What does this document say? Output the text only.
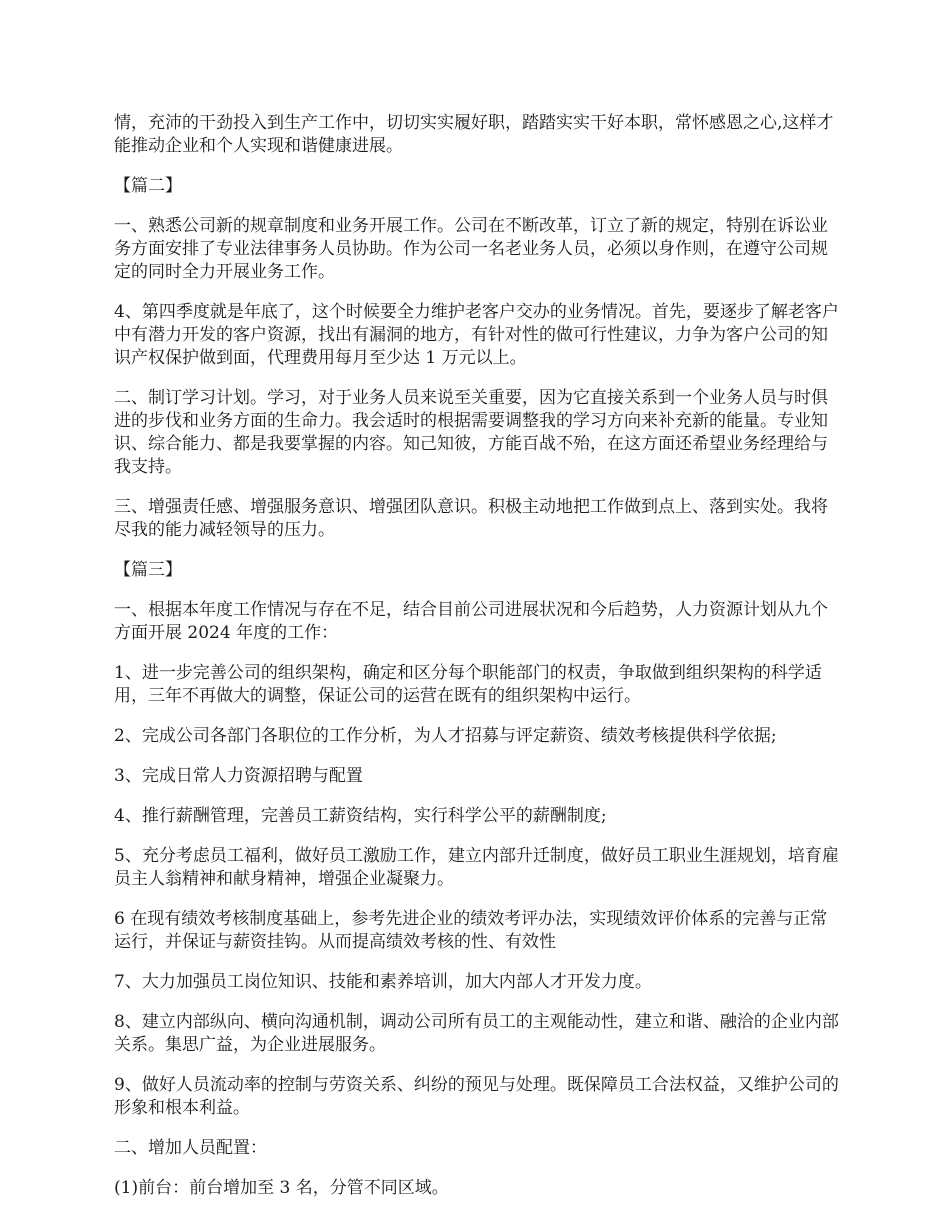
情，充沛的干劲投入到生产工作中，切切实实履好职，踏踏实实干好本职，常怀感恩之心,这样才能推动企业和个人实现和谐健康进展。

【篇二】

一、熟悉公司新的规章制度和业务开展工作。公司在不断改革，订立了新的规定，特别在诉讼业务方面安排了专业法律事务人员协助。作为公司一名老业务人员，必须以身作则，在遵守公司规定的同时全力开展业务工作。

4、第四季度就是年底了，这个时候要全力维护老客户交办的业务情况。首先，要逐步了解老客户中有潜力开发的客户资源，找出有漏洞的地方，有针对性的做可行性建议，力争为客户公司的知识产权保护做到面，代理费用每月至少达 1 万元以上。

二、制订学习计划。学习，对于业务人员来说至关重要，因为它直接关系到一个业务人员与时俱进的步伐和业务方面的生命力。我会适时的根据需要调整我的学习方向来补充新的能量。专业知识、综合能力、都是我要掌握的内容。知己知彼，方能百战不殆，在这方面还希望业务经理给与我支持。

三、增强责任感、增强服务意识、增强团队意识。积极主动地把工作做到点上、落到实处。我将尽我的能力减轻领导的压力。

【篇三】

一、根据本年度工作情况与存在不足，结合目前公司进展状况和今后趋势，人力资源计划从九个方面开展 2024 年度的工作：

1、进一步完善公司的组织架构，确定和区分每个职能部门的权责，争取做到组织架构的科学适用，三年不再做大的调整，保证公司的运营在既有的组织架构中运行。

2、完成公司各部门各职位的工作分析，为人才招募与评定薪资、绩效考核提供科学依据;

3、完成日常人力资源招聘与配置

4、推行薪酬管理，完善员工薪资结构，实行科学公平的薪酬制度;

5、充分考虑员工福利，做好员工激励工作，建立内部升迁制度，做好员工职业生涯规划，培育雇员主人翁精神和献身精神，增强企业凝聚力。

6 在现有绩效考核制度基础上，参考先进企业的绩效考评办法，实现绩效评价体系的完善与正常运行，并保证与薪资挂钩。从而提高绩效考核的性、有效性

7、大力加强员工岗位知识、技能和素养培训，加大内部人才开发力度。

8、建立内部纵向、横向沟通机制，调动公司所有员工的主观能动性，建立和谐、融洽的企业内部关系。集思广益，为企业进展服务。

9、做好人员流动率的控制与劳资关系、纠纷的预见与处理。既保障员工合法权益，又维护公司的形象和根本利益。

二、增加人员配置：

(1)前台：前台增加至 3 名，分管不同区域。
